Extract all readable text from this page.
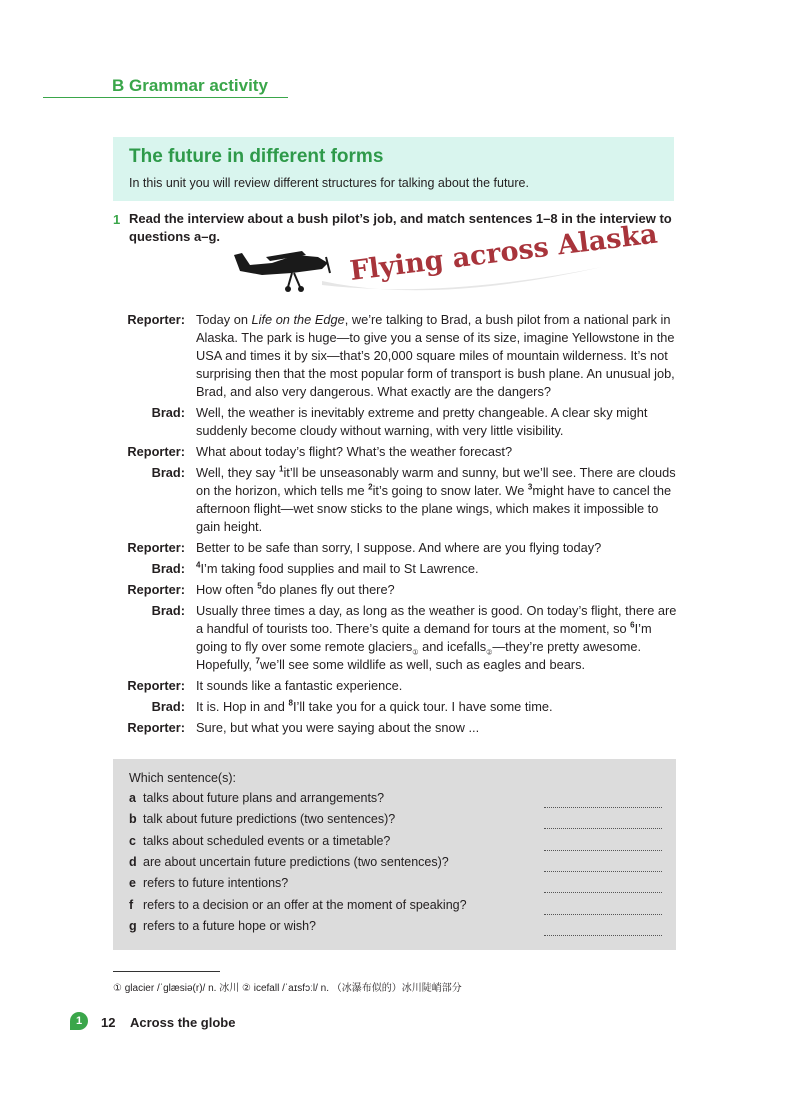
B Grammar activity
The future in different forms
In this unit you will review different structures for talking about the future.
1 Read the interview about a bush pilot’s job, and match sentences 1–8 in the interview to questions a–g.	Flying across Alaska
Reporter: Today on Life on the Edge, we’re talking to Brad, a bush pilot from a national park in Alaska. The park is huge—to give you a sense of its size, imagine Yellowstone in the USA and times it by six—that’s 20,000 square miles of mountain wilderness. It’s not surprising then that the most popular form of transport is bush plane. An unusual job, Brad, and also very dangerous. What exactly are the dangers?
Brad: Well, the weather is inevitably extreme and pretty changeable. A clear sky might suddenly become cloudy without warning, with very little visibility.
Reporter: What about today’s flight? What’s the weather forecast?
Brad: Well, they say $^1$it’ll be unseasonably warm and sunny, but we’ll see. There are clouds on the horizon, which tells me $^2$it’s going to snow later. We $^3$might have to cancel the afternoon flight—wet snow sticks to the plane wings, which makes it impossible to gain height.
Reporter: Better to be safe than sorry, I suppose. And where are you flying today?
Brad: $^4$I’m taking food supplies and mail to St Lawrence.
Reporter: How often $^5$do planes fly out there?
Brad: Usually three times a day, as long as the weather is good. On today’s flight, there are a handful of tourists too. There’s quite a demand for tours at the moment, so $^6$I’m going to fly over some remote glaciers$_①$ and icefalls$_②$—they’re pretty awesome. Hopefully, $^7$we’ll see some wildlife as well, such as eagles and bears.
Reporter: It sounds like a fantastic experience.
Brad: It is. Hop in and $^8$I’ll take you for a quick tour. I have some time.
Reporter: Sure, but what you were saying about the snow ...
Which sentence(s):
a talks about future plans and arrangements?
b talk about future predictions (two sentences)?
c talks about scheduled events or a timetable?
d are about uncertain future predictions (two sentences)?
e refers to future intentions?
f refers to a decision or an offer at the moment of speaking?
g refers to a future hope or wish?
① glacier /ˈɡlæsiə(r)/ n. 冰川 ② icefall /ˈaɪsfɔːl/ n. （冰瀑布似的）冰川陡峭部分
1	12 Across the globe
